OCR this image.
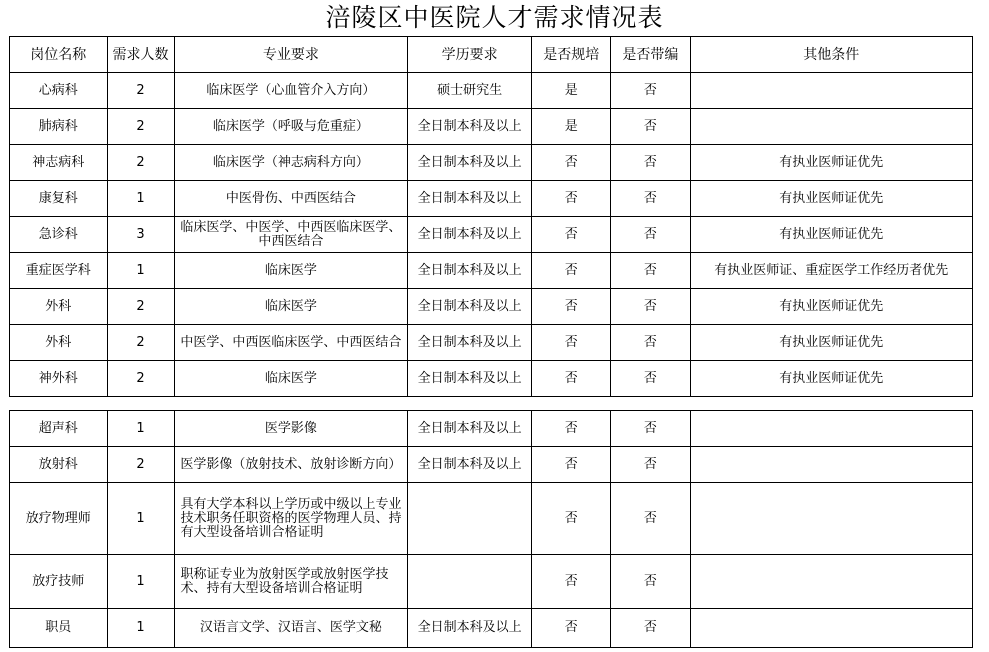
涪陵区中医院人才需求情况表
岗位名称	需求人数	专业要求	学历要求	是否规培	是否带编	其他条件
心病科	2	临床医学（心血管介入方向）	硕士研究生	是	否	
肺病科	2	临床医学（呼吸与危重症）	全日制本科及以上	是	否	
神志病科	2	临床医学（神志病科方向）	全日制本科及以上	否	否	有执业医师证优先
康复科	1	中医骨伤、中西医结合	全日制本科及以上	否	否	有执业医师证优先
急诊科	3	临床医学、中医学、中西医临床医学、中西医结合	全日制本科及以上	否	否	有执业医师证优先
重症医学科	1	临床医学	全日制本科及以上	否	否	有执业医师证、重症医学工作经历者优先
外科	2	临床医学	全日制本科及以上	否	否	有执业医师证优先
外科	2	中医学、中西医临床医学、中西医结合	全日制本科及以上	否	否	有执业医师证优先
神外科	2	临床医学	全日制本科及以上	否	否	有执业医师证优先
超声科	1	医学影像	全日制本科及以上	否	否	
放射科	2	医学影像（放射技术、放射诊断方向）	全日制本科及以上	否	否	
放疗物理师	1	具有大学本科以上学历或中级以上专业技术职务任职资格的医学物理人员、持有大型设备培训合格证明		否	否	
放疗技师	1	职称证专业为放射医学或放射医学技术、持有大型设备培训合格证明		否	否	
职员	1	汉语言文学、汉语言、医学文秘	全日制本科及以上	否	否	
